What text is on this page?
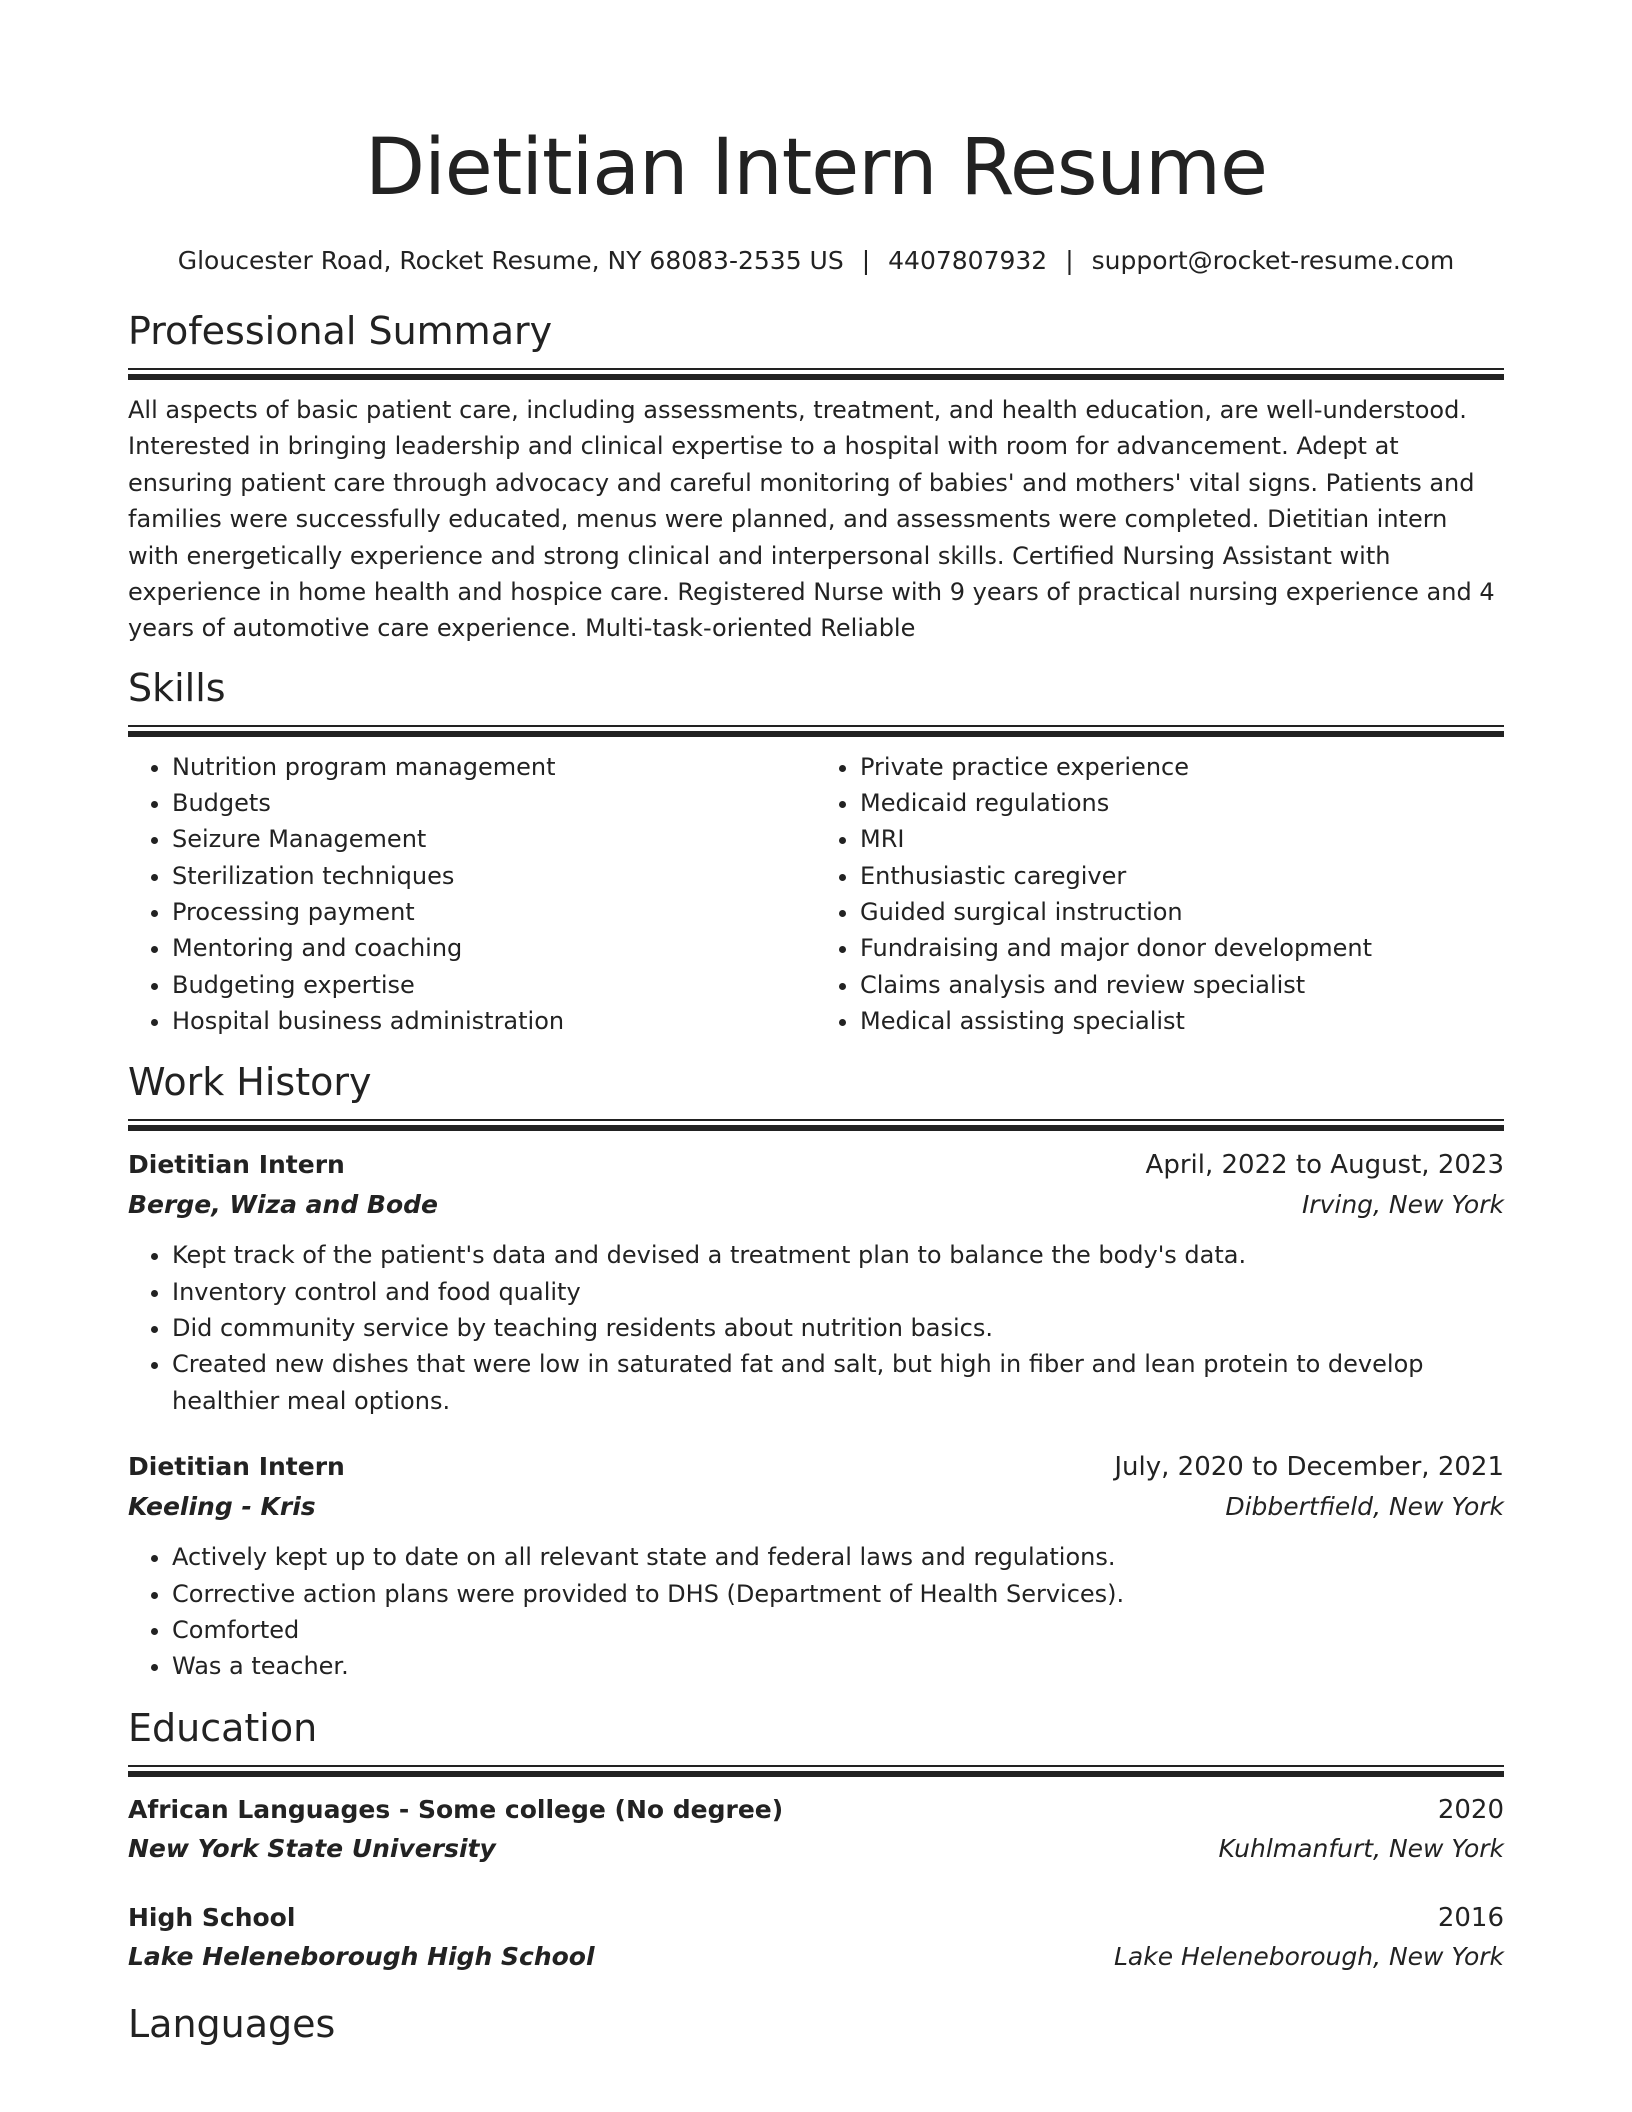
Dietitian Intern Resume
Gloucester Road, Rocket Resume, NY 68083-2535 US | 4407807932 | support@rocket-resume.com
Professional Summary
All aspects of basic patient care, including assessments, treatment, and health education, are well-understood. Interested in bringing leadership and clinical expertise to a hospital with room for advancement. Adept at ensuring patient care through advocacy and careful monitoring of babies' and mothers' vital signs. Patients and families were successfully educated, menus were planned, and assessments were completed. Dietitian intern with energetically experience and strong clinical and interpersonal skills. Certified Nursing Assistant with experience in home health and hospice care. Registered Nurse with 9 years of practical nursing experience and 4 years of automotive care experience. Multi-task-oriented Reliable
Skills
• Nutrition program management
• Budgets
• Seizure Management
• Sterilization techniques
• Processing payment
• Mentoring and coaching
• Budgeting expertise
• Hospital business administration
• Private practice experience
• Medicaid regulations
• MRI
• Enthusiastic caregiver
• Guided surgical instruction
• Fundraising and major donor development
• Claims analysis and review specialist
• Medical assisting specialist
Work History
Dietitian Intern	April, 2022 to August, 2023
Berge, Wiza and Bode	Irving, New York
• Kept track of the patient's data and devised a treatment plan to balance the body's data.
• Inventory control and food quality
• Did community service by teaching residents about nutrition basics.
• Created new dishes that were low in saturated fat and salt, but high in fiber and lean protein to develop healthier meal options.
Dietitian Intern	July, 2020 to December, 2021
Keeling - Kris	Dibbertfield, New York
• Actively kept up to date on all relevant state and federal laws and regulations.
• Corrective action plans were provided to DHS (Department of Health Services).
• Comforted
• Was a teacher.
Education
African Languages - Some college (No degree)	2020
New York State University	Kuhlmanfurt, New York
High School	2016
Lake Heleneborough High School	Lake Heleneborough, New York
Languages
